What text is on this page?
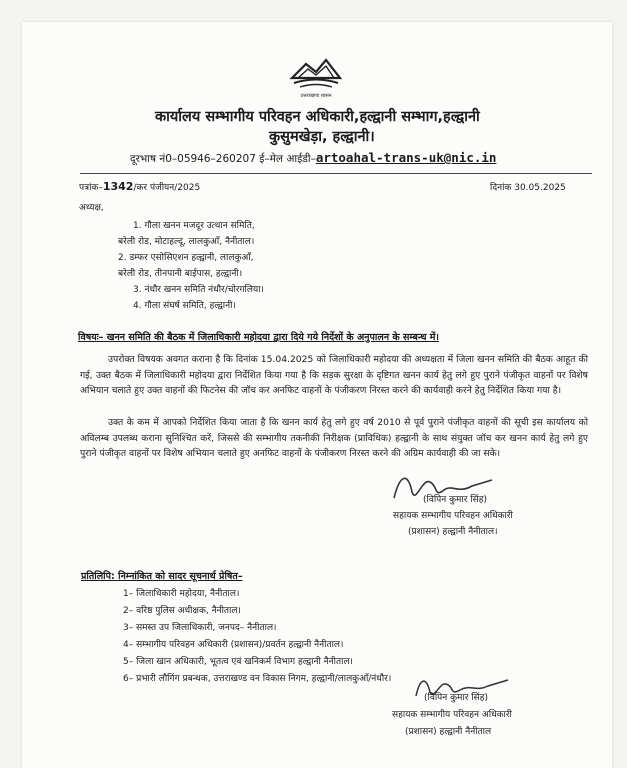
उत्तराखण्ड शासन
कार्यालय सम्भागीय परिवहन अधिकारी,हल्द्वानी सम्भाग,हल्द्वानी
कुसुमखेड़ा, हल्द्वानी।
दूरभाष नं0–05946–260207 ई–मेल आईडी–artoahal-trans-uk@nic.in
पत्रांक–1342/कर पंजीयन/2025	दिनांक 30.05.2025
अध्यक्ष,
1. गौला खनन मजदूर उत्थान समिति,
बरेली रोड, मोटाहल्दू, लालकुआँ, नैनीताल।
2. डम्फर एसोसिएशन हल्द्वानी, लालकुआँ,
बरेली रोड, तीनपानी बाईपास, हल्द्वानी।
3. नंधौर खनन समिति नंधौर/चोरगलिया।
4. गौला संघर्ष समिति, हल्द्वानी।
विषयः– खनन समिति की बैठक में जिलाधिकारी महोदया द्वारा दिये गये निर्देशों के अनुपालन के सम्बन्ध में।
उपरोक्त विषयक अवगत कराना है कि दिनांक 15.04.2025 को जिलाधिकारी महोदया की अध्यक्षता में जिला खनन समिति की बैठक आहूत की गई, उक्त बैठक में जिलाधिकारी महोदया द्वारा निर्देशित किया गया है कि सड़क सुरक्षा के दृष्टिगत खनन कार्य हेतु लगे हुए पुराने पंजीकृत वाहनों पर विशेष अभियान चलाते हुए उक्त वाहनों की फिटनेस की जॉच कर अनफिट वाहनों के पंजीकरण निरस्त करने की कार्यवाही करने हेतु निर्देशित किया गया है।
उक्त के कम में आपको निर्देशित किया जाता है कि खनन कार्य हेतु लगे हुए वर्ष 2010 से पूर्व पुराने पंजीकृत वाहनों की सूची इस कार्यालय को अविलम्ब उपलब्ध कराना सुनिश्चित करें, जिससे की सम्भागीय तकनीकी निरीक्षक (प्राविधिक) हल्द्वानी के साथ संयुक्त जॉच कर खनन कार्य हेतु लगे हुए पुराने पंजीकृत वाहनों पर विशेष अभियान चलाते हुए अनफिट वाहनों के पंजीकरण निरस्त करने की अग्रिम कार्यवाही की जा सके।
(विपिन कुमार सिंह)
सहायक सम्भागीय परिवहन अधिकारी
(प्रशासन) हल्द्वानी नैनीताल।
प्रतिलिपि: निम्नांकित को सादर सूचनार्थ प्रेषित–
1– जिलाधिकारी महोदया, नैनीताल।
2– वरिष्ठ पुलिस अधीक्षक, नैनीताल।
3– समस्त उप जिलाधिकारी, जनपद– नैनीताल।
4– सम्भागीय परिवहन अधिकारी (प्रशासन)/प्रवर्तन हल्द्वानी नैनीताल।
5– जिला खान अधिकारी, भूतत्व एवं खनिकर्म विभाग हल्द्वानी नैनीताल।
6– प्रभारी लौगिंग प्रबन्धक, उत्तराखण्ड वन विकास निगम, हल्द्वानी/लालकुआँ/नंधौर।
(विपिन कुमार सिंह)
सहायक सम्भागीय परिवहन अधिकारी
(प्रशासन) हल्द्वानी नैनीताल
